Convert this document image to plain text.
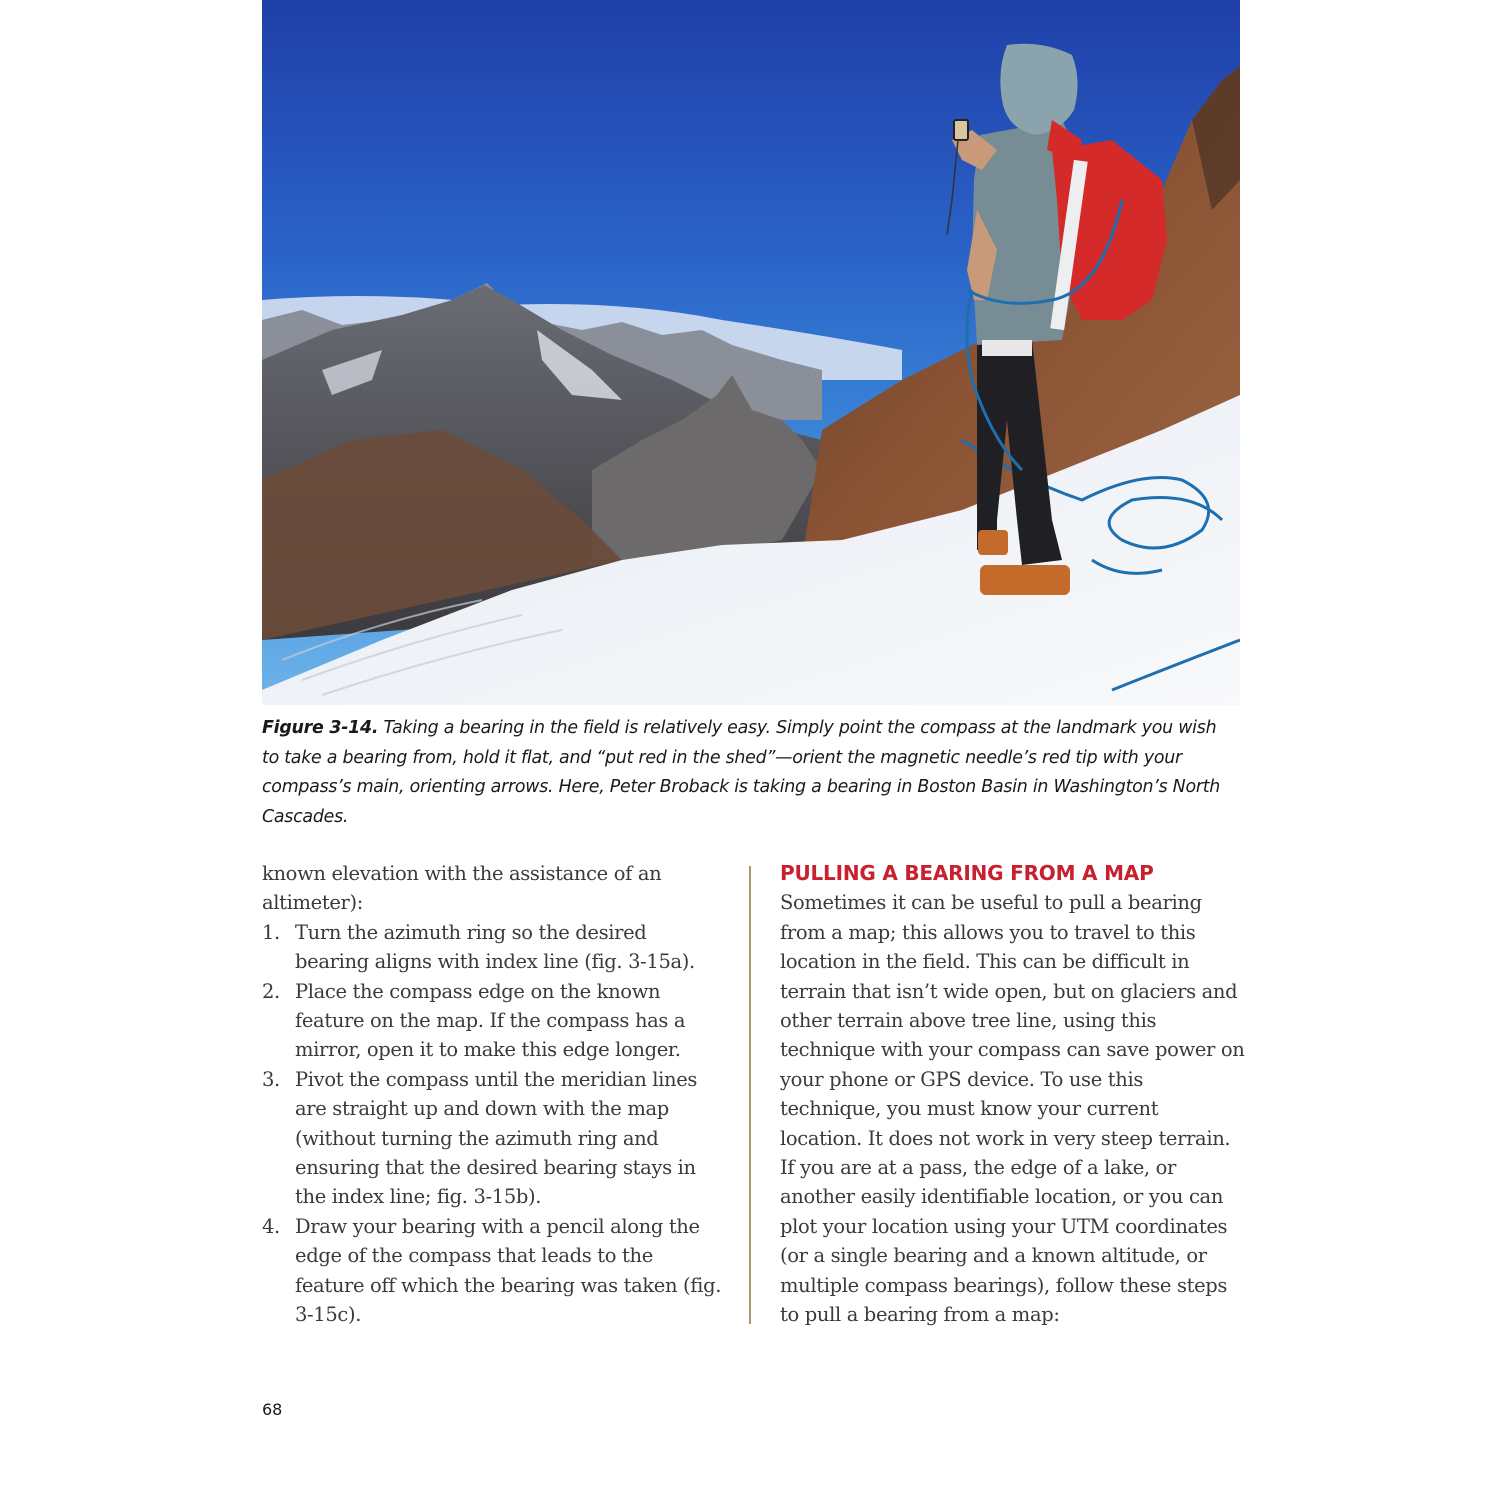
Figure 3-14. Taking a bearing in the field is relatively easy. Simply point the compass at the landmark you wish to take a bearing from, hold it flat, and “put red in the shed”—orient the magnetic needle’s red tip with your compass’s main, orienting arrows. Here, Peter Broback is taking a bearing in Boston Basin in Washington’s North Cascades.

known elevation with the assistance of an altimeter):

1. Turn the azimuth ring so the desired bearing aligns with index line (fig. 3-15a).
2. Place the compass edge on the known feature on the map. If the compass has a mirror, open it to make this edge longer.
3. Pivot the compass until the meridian lines are straight up and down with the map (without turning the azimuth ring and ensuring that the desired bearing stays in the index line; fig. 3-15b).
4. Draw your bearing with a pencil along the edge of the compass that leads to the feature off which the bearing was taken (fig. 3-15c).
PULLING A BEARING FROM A MAP

Sometimes it can be useful to pull a bearing from a map; this allows you to travel to this location in the field. This can be difficult in terrain that isn’t wide open, but on glaciers and other terrain above tree line, using this technique with your compass can save power on your phone or GPS device. To use this technique, you must know your current location. It does not work in very steep terrain. If you are at a pass, the edge of a lake, or another easily identifiable location, or you can plot your location using your UTM coordinates (or a single bearing and a known altitude, or multiple compass bearings), follow these steps to pull a bearing from a map:

68
